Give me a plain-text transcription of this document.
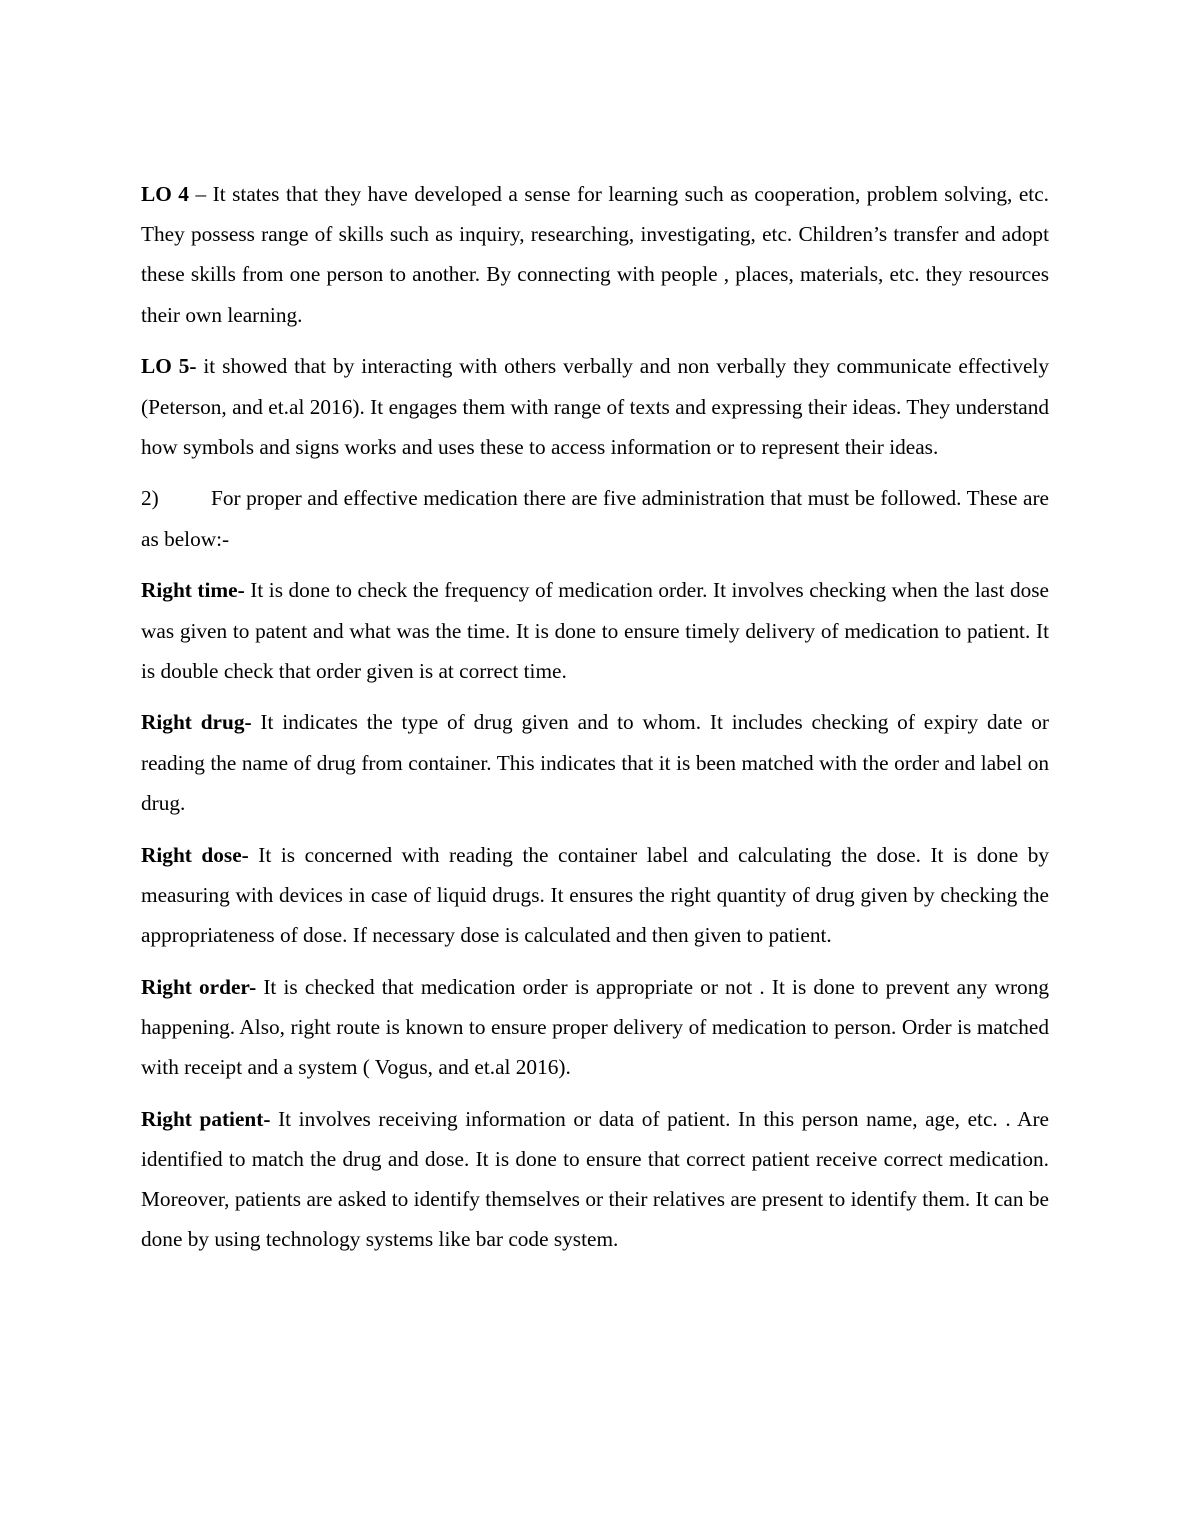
LO 4 – It states that they have developed a sense for learning such as cooperation, problem solving, etc. They possess range of skills such as inquiry, researching, investigating, etc. Children’s transfer and adopt these skills from one person to another. By connecting with people , places, materials, etc. they resources their own learning.

LO 5- it showed that by interacting with others verbally and non verbally they communicate effectively (Peterson, and et.al 2016). It engages them with range of texts and expressing their ideas. They understand how symbols and signs works and uses these to access information or to represent their ideas.

2) For proper and effective medication there are five administration that must be followed. These are as below:-

Right time- It is done to check the frequency of medication order. It involves checking when the last dose was given to patent and what was the time. It is done to ensure timely delivery of medication to patient. It is double check that order given is at correct time.

Right drug- It indicates the type of drug given and to whom. It includes checking of expiry date or reading the name of drug from container. This indicates that it is been matched with the order and label on drug.

Right dose- It is concerned with reading the container label and calculating the dose. It is done by measuring with devices in case of liquid drugs. It ensures the right quantity of drug given by checking the appropriateness of dose. If necessary dose is calculated and then given to patient.

Right order- It is checked that medication order is appropriate or not . It is done to prevent any wrong happening. Also, right route is known to ensure proper delivery of medication to person. Order is matched with receipt and a system ( Vogus, and et.al 2016).

Right patient- It involves receiving information or data of patient. In this person name, age, etc. . Are identified to match the drug and dose. It is done to ensure that correct patient receive correct medication. Moreover, patients are asked to identify themselves or their relatives are present to identify them. It can be done by using technology systems like bar code system.
